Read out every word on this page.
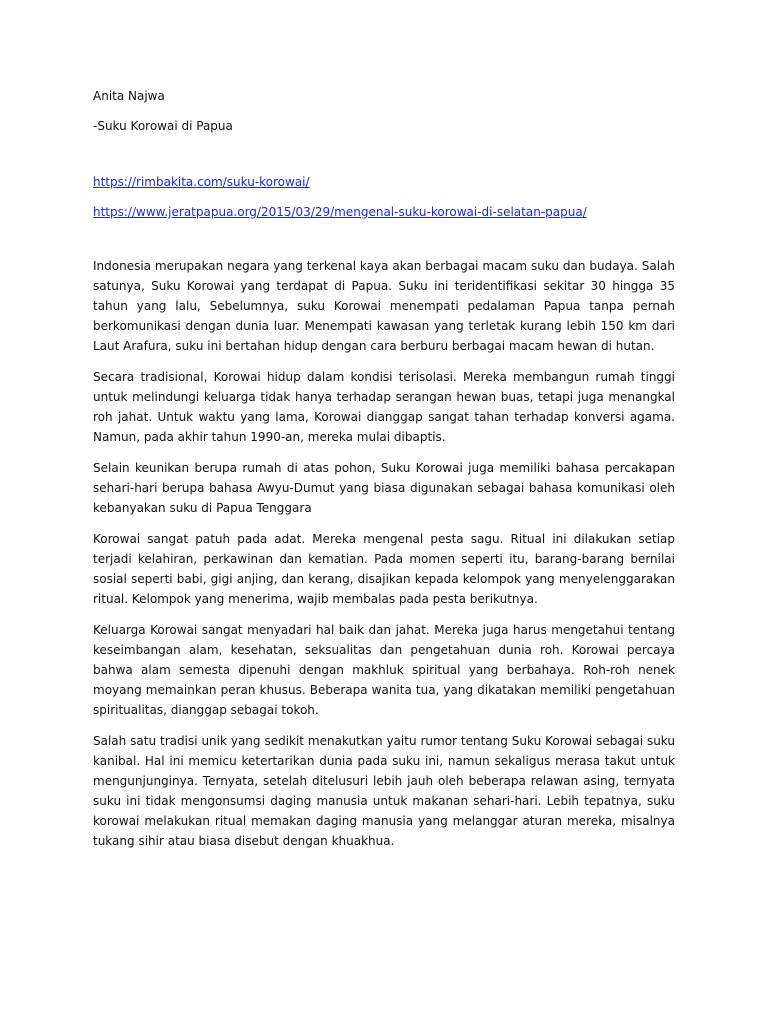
Anita Najwa
-Suku Korowai di Papua
https://rimbakita.com/suku-korowai/
https://www.jeratpapua.org/2015/03/29/mengenal-suku-korowai-di-selatan-papua/

Indonesia merupakan negara yang terkenal kaya akan berbagai macam suku dan budaya. Salah satunya, Suku Korowai yang terdapat di Papua. Suku ini teridentifikasi sekitar 30 hingga 35 tahun yang lalu, Sebelumnya, suku Korowai menempati pedalaman Papua tanpa pernah berkomunikasi dengan dunia luar. Menempati kawasan yang terletak kurang lebih 150 km dari Laut Arafura, suku ini bertahan hidup dengan cara berburu berbagai macam hewan di hutan.

Secara tradisional, Korowai hidup dalam kondisi terisolasi. Mereka membangun rumah tinggi untuk melindungi keluarga tidak hanya terhadap serangan hewan buas, tetapi juga menangkal roh jahat. Untuk waktu yang lama, Korowai dianggap sangat tahan terhadap konversi agama. Namun, pada akhir tahun 1990-an, mereka mulai dibaptis.

Selain keunikan berupa rumah di atas pohon, Suku Korowai juga memiliki bahasa percakapan sehari-hari berupa bahasa Awyu-Dumut yang biasa digunakan sebagai bahasa komunikasi oleh kebanyakan suku di Papua Tenggara

Korowai sangat patuh pada adat. Mereka mengenal pesta sagu. Ritual ini dilakukan setiap terjadi kelahiran, perkawinan dan kematian. Pada momen seperti itu, barang-barang bernilai sosial seperti babi, gigi anjing, dan kerang, disajikan kepada kelompok yang menyelenggarakan ritual. Kelompok yang menerima, wajib membalas pada pesta berikutnya.

Keluarga Korowai sangat menyadari hal baik dan jahat. Mereka juga harus mengetahui tentang keseimbangan alam, kesehatan, seksualitas dan pengetahuan dunia roh. Korowai percaya bahwa alam semesta dipenuhi dengan makhluk spiritual yang berbahaya. Roh-roh nenek moyang memainkan peran khusus. Beberapa wanita tua, yang dikatakan memiliki pengetahuan spiritualitas, dianggap sebagai tokoh.

Salah satu tradisi unik yang sedikit menakutkan yaitu rumor tentang Suku Korowai sebagai suku kanibal. Hal ini memicu ketertarikan dunia pada suku ini, namun sekaligus merasa takut untuk mengunjunginya. Ternyata, setelah ditelusuri lebih jauh oleh beberapa relawan asing, ternyata suku ini tidak mengonsumsi daging manusia untuk makanan sehari-hari. Lebih tepatnya, suku korowai melakukan ritual memakan daging manusia yang melanggar aturan mereka, misalnya tukang sihir atau biasa disebut dengan khuakhua.
